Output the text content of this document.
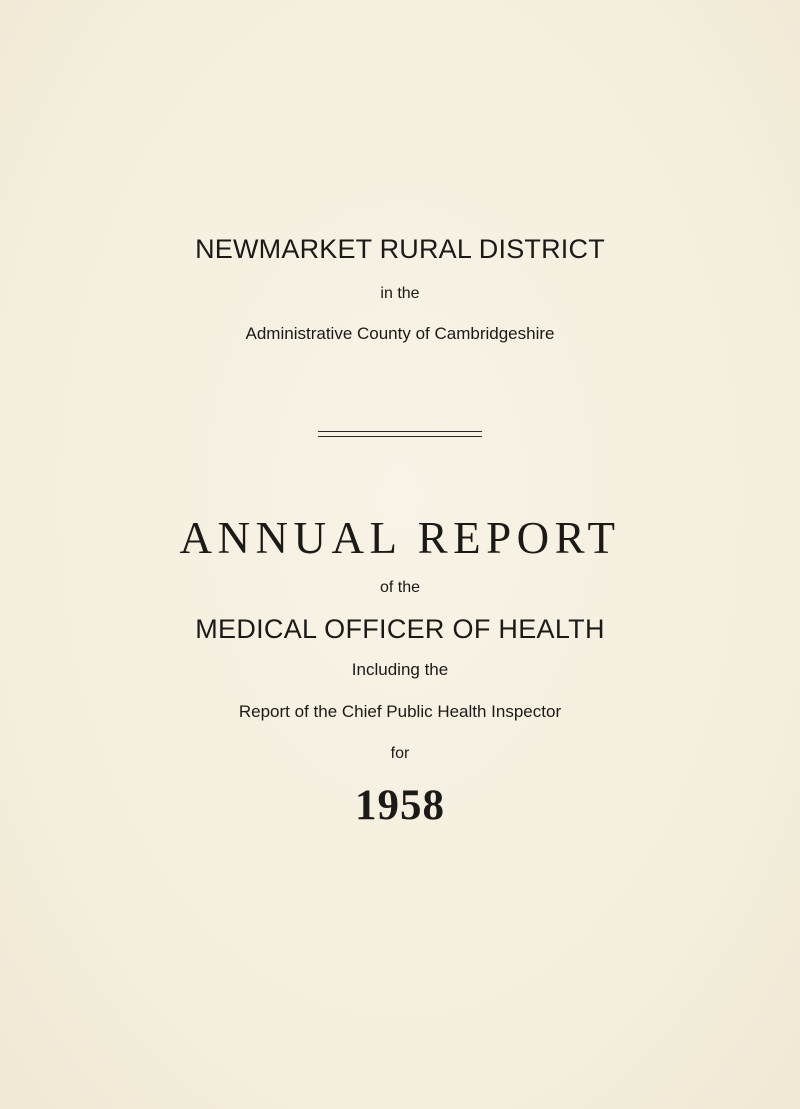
NEWMARKET RURAL DISTRICT
in the
Administrative County of Cambridgeshire
ANNUAL REPORT
of the
MEDICAL OFFICER OF HEALTH
Including the
Report of the Chief Public Health Inspector
for
1958
